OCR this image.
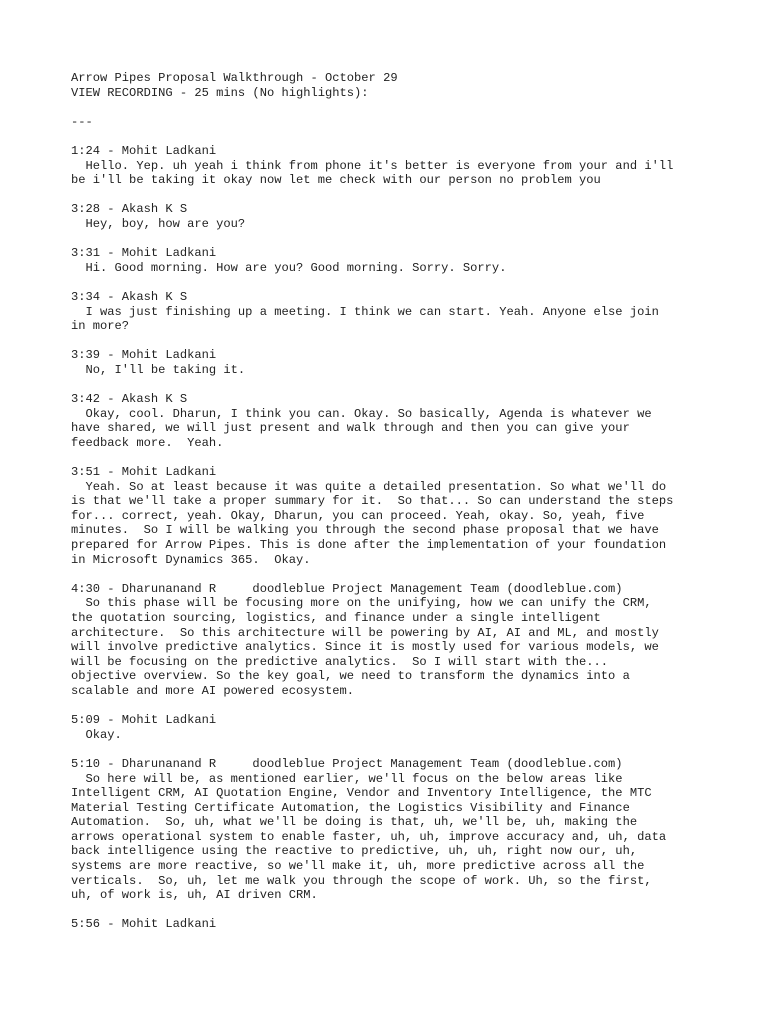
Arrow Pipes Proposal Walkthrough - October 29
VIEW RECORDING - 25 mins (No highlights):
---
1:24 - Mohit Ladkani
Hello. Yep. uh yeah i think from phone it's better is everyone from your and i'll
be i'll be taking it okay now let me check with our person no problem you
3:28 - Akash K S
Hey, boy, how are you?
3:31 - Mohit Ladkani
Hi. Good morning. How are you? Good morning. Sorry. Sorry.
3:34 - Akash K S
I was just finishing up a meeting. I think we can start. Yeah. Anyone else join
in more?
3:39 - Mohit Ladkani
No, I'll be taking it.
3:42 - Akash K S
Okay, cool. Dharun, I think you can. Okay. So basically, Agenda is whatever we
have shared, we will just present and walk through and then you can give your
feedback more.  Yeah.
3:51 - Mohit Ladkani
Yeah. So at least because it was quite a detailed presentation. So what we'll do
is that we'll take a proper summary for it.  So that... So can understand the steps
for... correct, yeah. Okay, Dharun, you can proceed. Yeah, okay. So, yeah, five
minutes.  So I will be walking you through the second phase proposal that we have
prepared for Arrow Pipes. This is done after the implementation of your foundation
in Microsoft Dynamics 365.  Okay.
4:30 - Dharunanand R     doodleblue Project Management Team (doodleblue.com)
So this phase will be focusing more on the unifying, how we can unify the CRM,
the quotation sourcing, logistics, and finance under a single intelligent
architecture.  So this architecture will be powering by AI, AI and ML, and mostly
will involve predictive analytics. Since it is mostly used for various models, we
will be focusing on the predictive analytics.  So I will start with the...
objective overview. So the key goal, we need to transform the dynamics into a
scalable and more AI powered ecosystem.
5:09 - Mohit Ladkani
Okay.
5:10 - Dharunanand R     doodleblue Project Management Team (doodleblue.com)
So here will be, as mentioned earlier, we'll focus on the below areas like
Intelligent CRM, AI Quotation Engine, Vendor and Inventory Intelligence, the MTC
Material Testing Certificate Automation, the Logistics Visibility and Finance
Automation.  So, uh, what we'll be doing is that, uh, we'll be, uh, making the
arrows operational system to enable faster, uh, uh, improve accuracy and, uh, data
back intelligence using the reactive to predictive, uh, uh, right now our, uh,
systems are more reactive, so we'll make it, uh, more predictive across all the
verticals.  So, uh, let me walk you through the scope of work. Uh, so the first,
uh, of work is, uh, AI driven CRM.
5:56 - Mohit Ladkani
